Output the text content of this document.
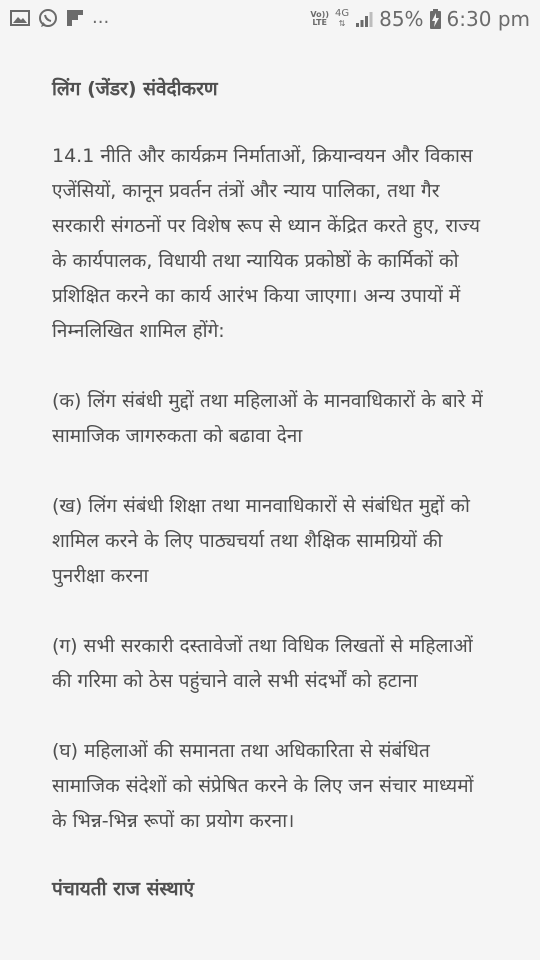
...	Vo))
LTE
4G
⇅ 85% 6:30 pm

लिंग (जेंडर) संवेदीकरण

14.1 नीति और कार्यक्रम निर्माताओं, क्रियान्वयन और विकास एजेंसियों, कानून प्रवर्तन तंत्रों और न्याय पालिका, तथा गैर सरकारी संगठनों पर विशेष रूप से ध्यान केंद्रित करते हुए, राज्य के कार्यपालक, विधायी तथा न्यायिक प्रकोष्ठों के कार्मिकों को प्रशिक्षित करने का कार्य आरंभ किया जाएगा। अन्य उपायों में निम्नलिखित शामिल होंगे:

(क) लिंग संबंधी मुद्दों तथा महिलाओं के मानवाधिकारों के बारे में सामाजिक जागरुकता को बढावा देना

(ख) लिंग संबंधी शिक्षा तथा मानवाधिकारों से संबंधित मुद्दों को शामिल करने के लिए पाठ्यचर्या तथा शैक्षिक सामग्रियों की पुनरीक्षा करना

(ग) सभी सरकारी दस्तावेजों तथा विधिक लिखतों से महिलाओं की गरिमा को ठेस पहुंचाने वाले सभी संदर्भों को हटाना

(घ) महिलाओं की समानता तथा अधिकारिता से संबंधित सामाजिक संदेशों को संप्रेषित करने के लिए जन संचार माध्यमों के भिन्न-भिन्न रूपों का प्रयोग करना।

पंचायती राज संस्थाएं
